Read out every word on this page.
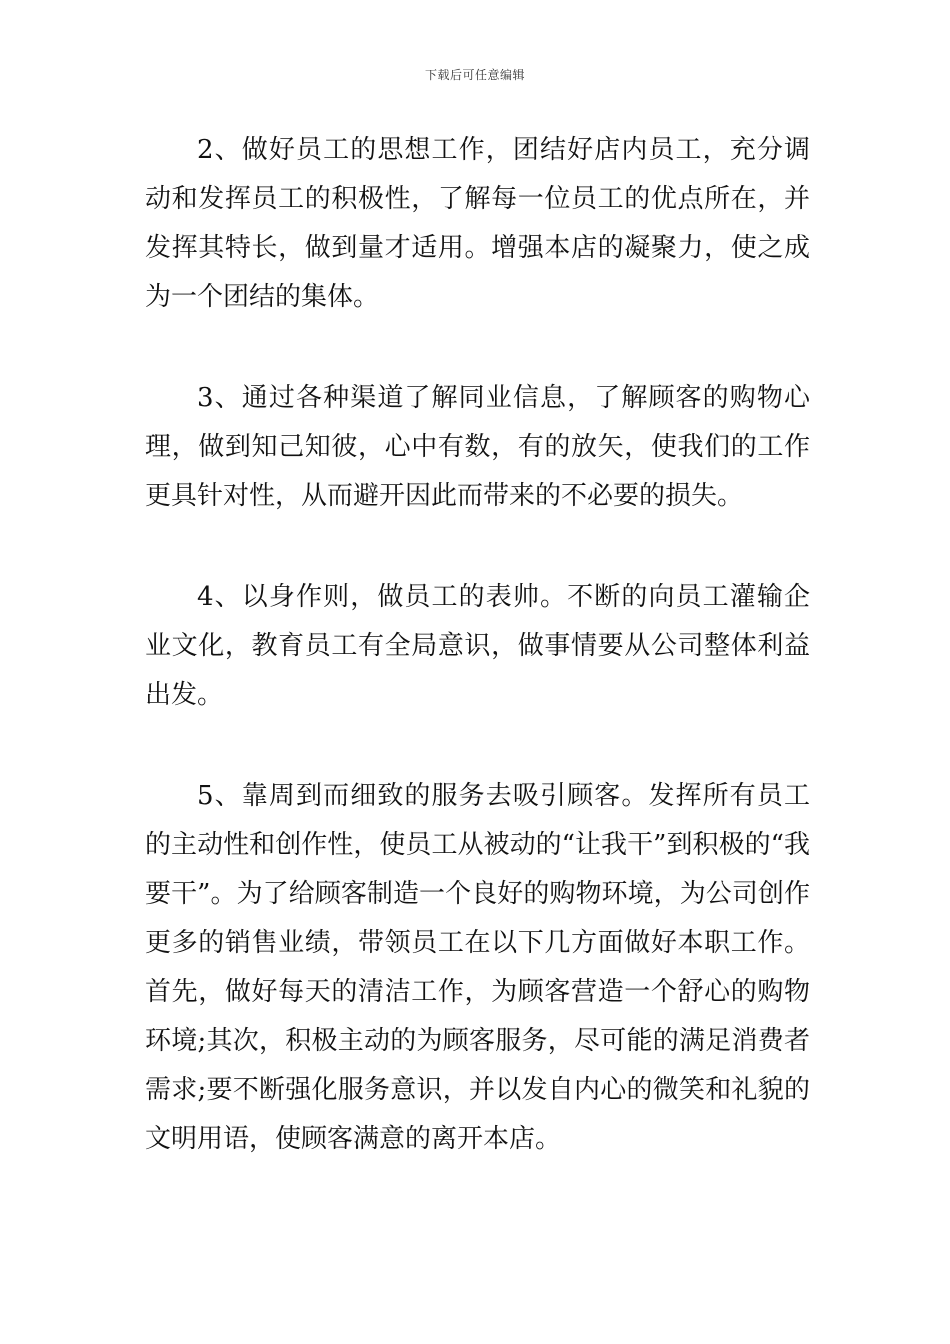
下载后可任意编辑

2、做好员工的思想工作，团结好店内员工，充分调动和发挥员工的积极性，了解每一位员工的优点所在，并发挥其特长，做到量才适用。增强本店的凝聚力，使之成为一个团结的集体。

3、通过各种渠道了解同业信息，了解顾客的购物心理，做到知己知彼，心中有数，有的放矢，使我们的工作更具针对性，从而避开因此而带来的不必要的损失。

4、以身作则，做员工的表帅。不断的向员工灌输企业文化，教育员工有全局意识，做事情要从公司整体利益出发。

5、靠周到而细致的服务去吸引顾客。发挥所有员工的主动性和创作性，使员工从被动的“让我干”到积极的“我要干”。为了给顾客制造一个良好的购物环境，为公司创作更多的销售业绩，带领员工在以下几方面做好本职工作。首先，做好每天的清洁工作，为顾客营造一个舒心的购物环境;其次，积极主动的为顾客服务，尽可能的满足消费者需求;要不断强化服务意识，并以发自内心的微笑和礼貌的文明用语，使顾客满意的离开本店。
